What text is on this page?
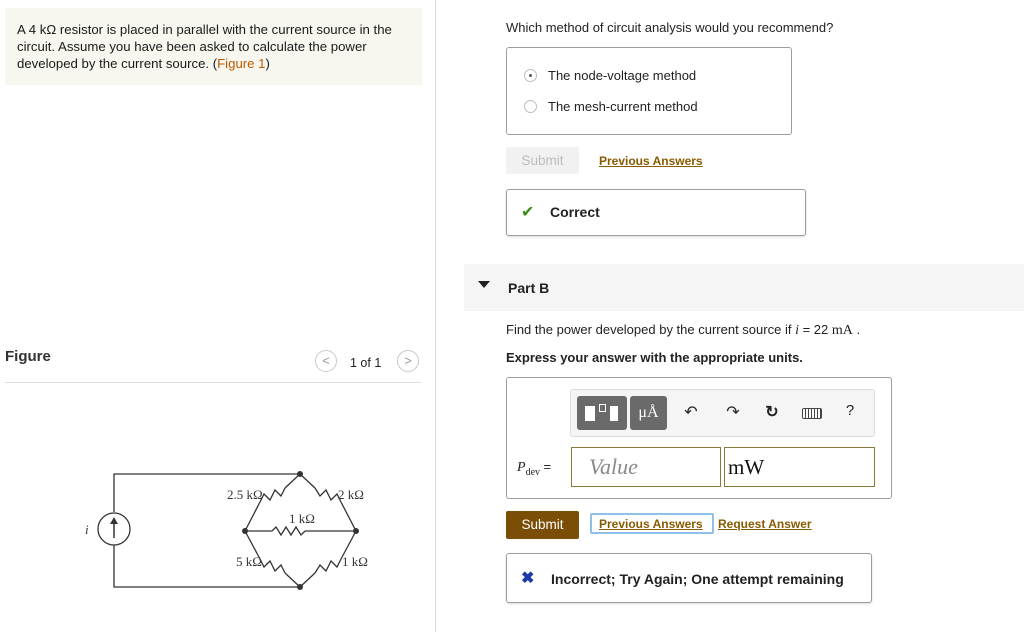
A 4 kΩ resistor is placed in parallel with the current source in the circuit. Assume you have been asked to calculate the power developed by the current source. (Figure 1)
Figure	<	1 of 1	>
i
2.5 kΩ	2 kΩ
1 kΩ
5 kΩ	1 kΩ
Which method of circuit analysis would you recommend?
The node-voltage method
The mesh-current method
Submit	Previous Answers
✔ Correct
Part B
Find the power developed by the current source if i = 22 mA .
Express your answer with the appropriate units.
μÅ	↶ ↷ ↻	?
$P_{dev}$ = Value	mW
Submit	Previous Answers Request Answer
✖ Incorrect; Try Again; One attempt remaining
